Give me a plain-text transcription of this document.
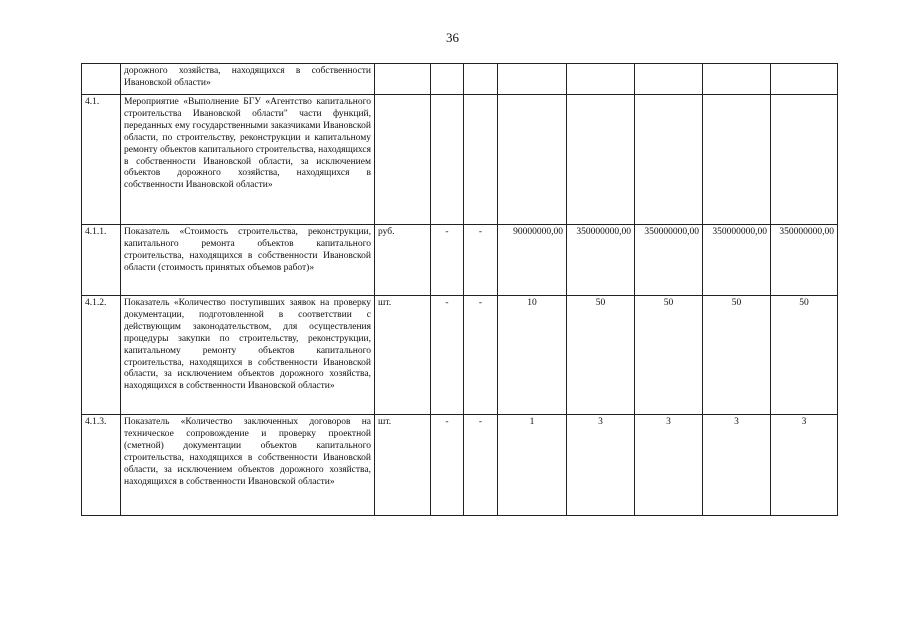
36
	дорожного хозяйства, находящихся в собственности Ивановской области»								
4.1.	Мероприятие «Выполнение БГУ «Агентство капитального строительства Ивановской области" части функций, переданных ему государственными заказчиками Ивановской области, по строительству, реконструкции и капитальному ремонту объектов капитального строительства, находящихся в собственности Ивановской области, за исключением объектов дорожного хозяйства, находящихся в собственности Ивановской области»								
4.1.1.	Показатель «Стоимость строительства, реконструкции, капитального ремонта объектов капитального строительства, находящихся в собственности Ивановской области (стоимость принятых объемов работ)»	руб.	-	-	90000000,00	350000000,00	350000000,00	350000000,00	350000000,00
4.1.2.	Показатель «Количество поступивших заявок на проверку документации, подготовленной в соответствии с действующим законодательством, для осуществления процедуры закупки по строительству, реконструкции, капитальному ремонту объектов капитального строительства, находящихся в собственности Ивановской области, за исключением объектов дорожного хозяйства, находящихся в собственности Ивановской области»	шт.	-	-	10	50	50	50	50
4.1.3.	Показатель «Количество заключенных договоров на техническое сопровождение и проверку проектной (сметной) документации объектов капитального строительства, находящихся в собственности Ивановской области, за исключением объектов дорожного хозяйства, находящихся в собственности Ивановской области»	шт.	-	-	1	3	3	3	3
